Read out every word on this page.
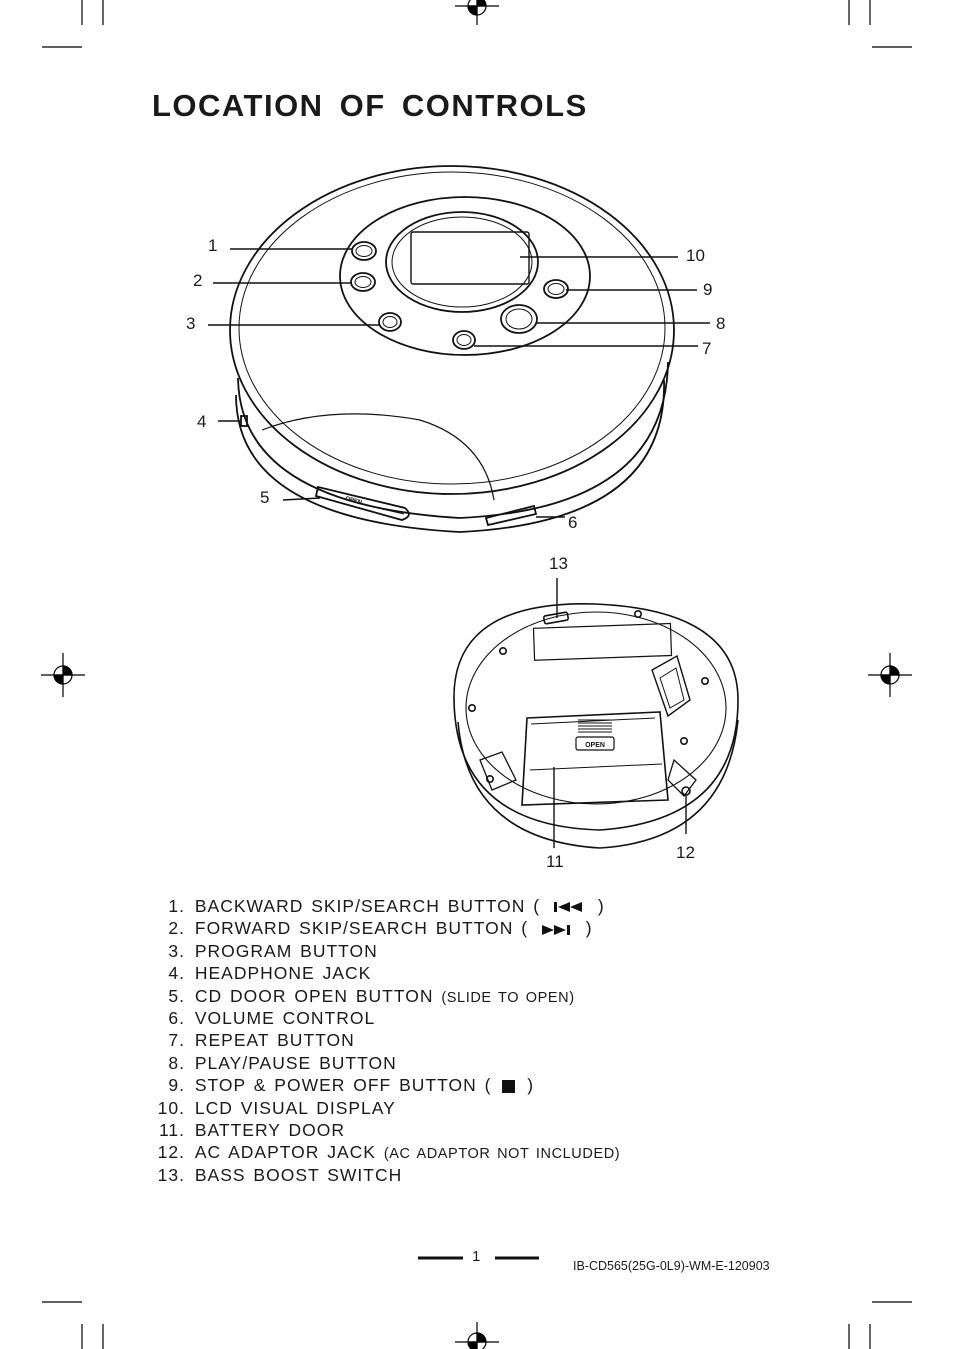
LOCATION OF CONTROLS
OPEN
OPEN
1
2
3
4
5
6
7
8
9
10
11	12
13
1. BACKWARD SKIP/SEARCH BUTTON (	)
2. FORWARD SKIP/SEARCH BUTTON (	)
3. PROGRAM BUTTON
4. HEADPHONE JACK
5. CD DOOR OPEN BUTTON (SLIDE TO OPEN)
6. VOLUME CONTROL
7. REPEAT BUTTON
8. PLAY/PAUSE BUTTON
9. STOP & POWER OFF BUTTON ( )
10. LCD VISUAL DISPLAY
11. BATTERY DOOR
12. AC ADAPTOR JACK (AC ADAPTOR NOT INCLUDED)
13. BASS BOOST SWITCH
1
IB-CD565(25G-0L9)-WM-E-120903
